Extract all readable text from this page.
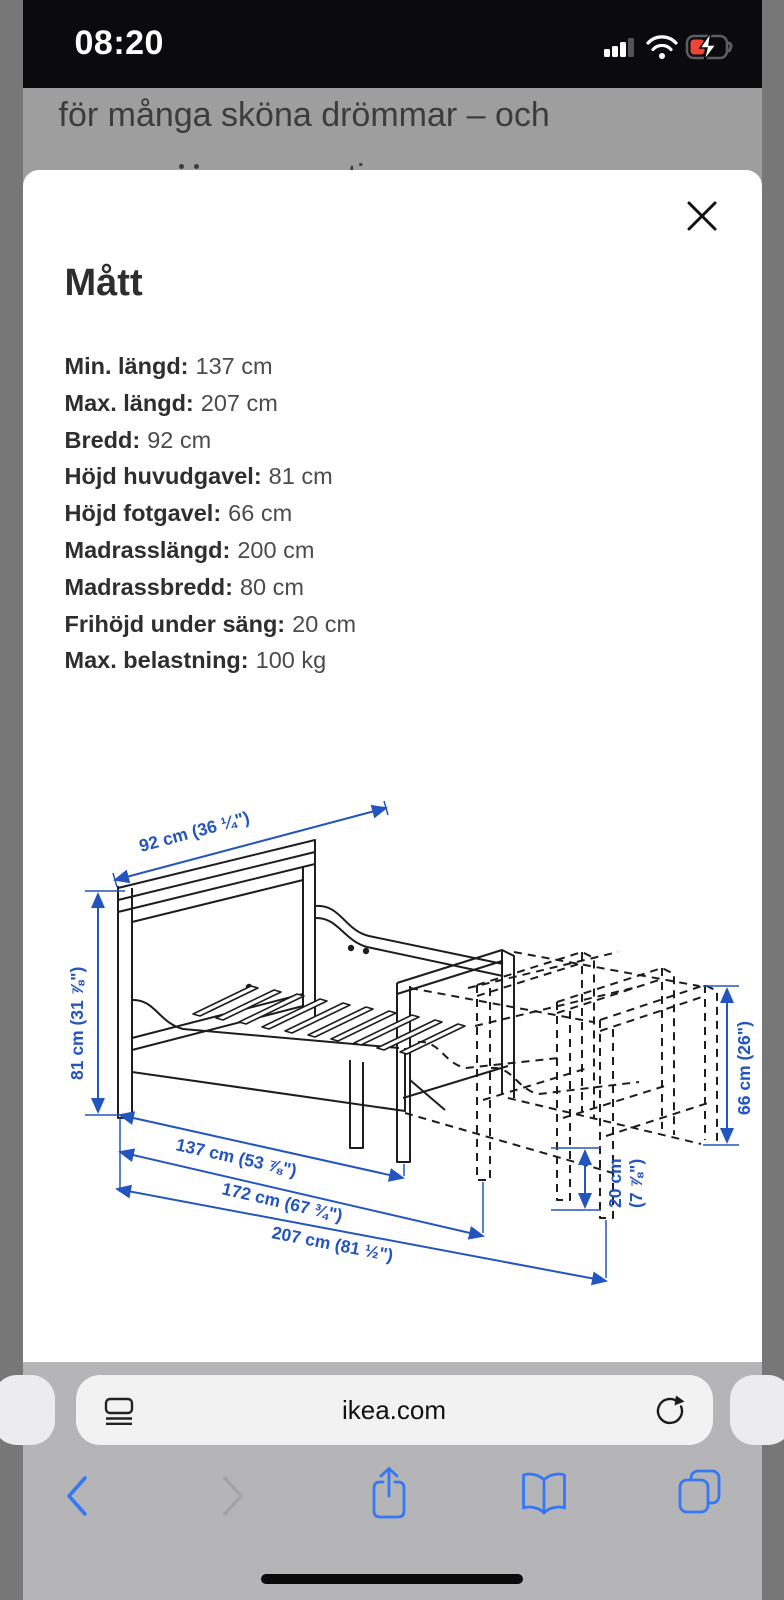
08:20
för många sköna drömmar – och
Mått
Min. längd: 137 cm
Max. längd: 207 cm
Bredd: 92 cm
Höjd huvudgavel: 81 cm
Höjd fotgavel: 66 cm
Madrasslängd: 200 cm
Madrassbredd: 80 cm
Frihöjd under säng: 20 cm
Max. belastning: 100 kg
92 cm (36 ¼")
81 cm (31 ⅞")	66 cm (26")
20 cm (7 ⅞")
137 cm (53 ⅞")
172 cm (67 ¾")
207 cm (81 ½")
ikea.com
